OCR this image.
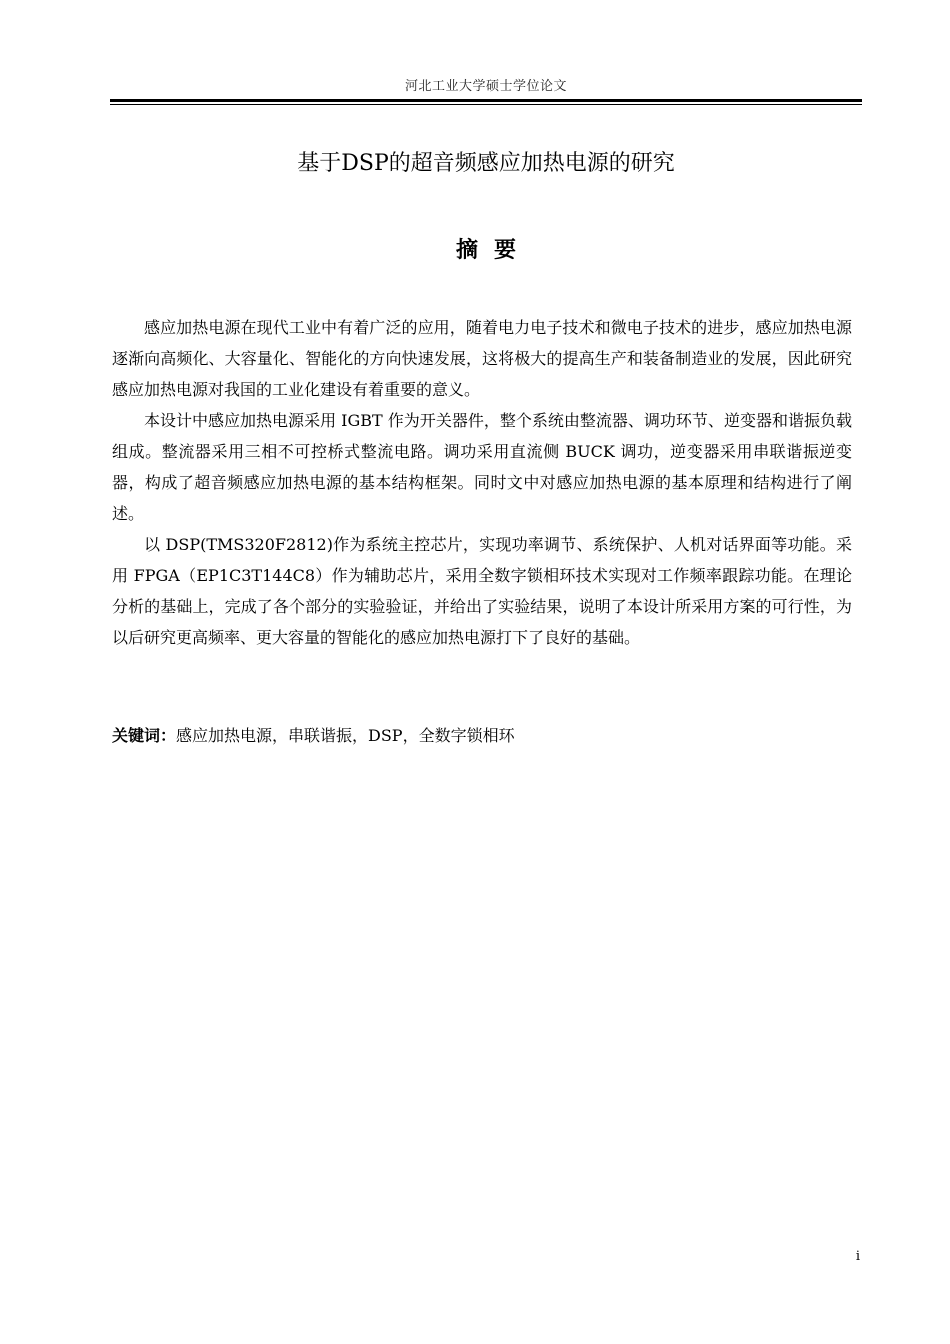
河北工业大学硕士学位论文
基于DSP的超音频感应加热电源的研究
摘要

感应加热电源在现代工业中有着广泛的应用，随着电力电子技术和微电子技术的进步，感应加热电源逐渐向高频化、大容量化、智能化的方向快速发展，这将极大的提高生产和装备制造业的发展，因此研究感应加热电源对我国的工业化建设有着重要的意义。

本设计中感应加热电源采用 IGBT 作为开关器件，整个系统由整流器、调功环节、逆变器和谐振负载组成。整流器采用三相不可控桥式整流电路。调功采用直流侧 BUCK 调功，逆变器采用串联谐振逆变器，构成了超音频感应加热电源的基本结构框架。同时文中对感应加热电源的基本原理和结构进行了阐述。

以 DSP(TMS320F2812)作为系统主控芯片，实现功率调节、系统保护、人机对话界面等功能。采用 FPGA（EP1C3T144C8）作为辅助芯片，采用全数字锁相环技术实现对工作频率跟踪功能。在理论分析的基础上，完成了各个部分的实验验证，并给出了实验结果，说明了本设计所采用方案的可行性，为以后研究更高频率、更大容量的智能化的感应加热电源打下了良好的基础。

关键词：感应加热电源，串联谐振，DSP，全数字锁相环
i
